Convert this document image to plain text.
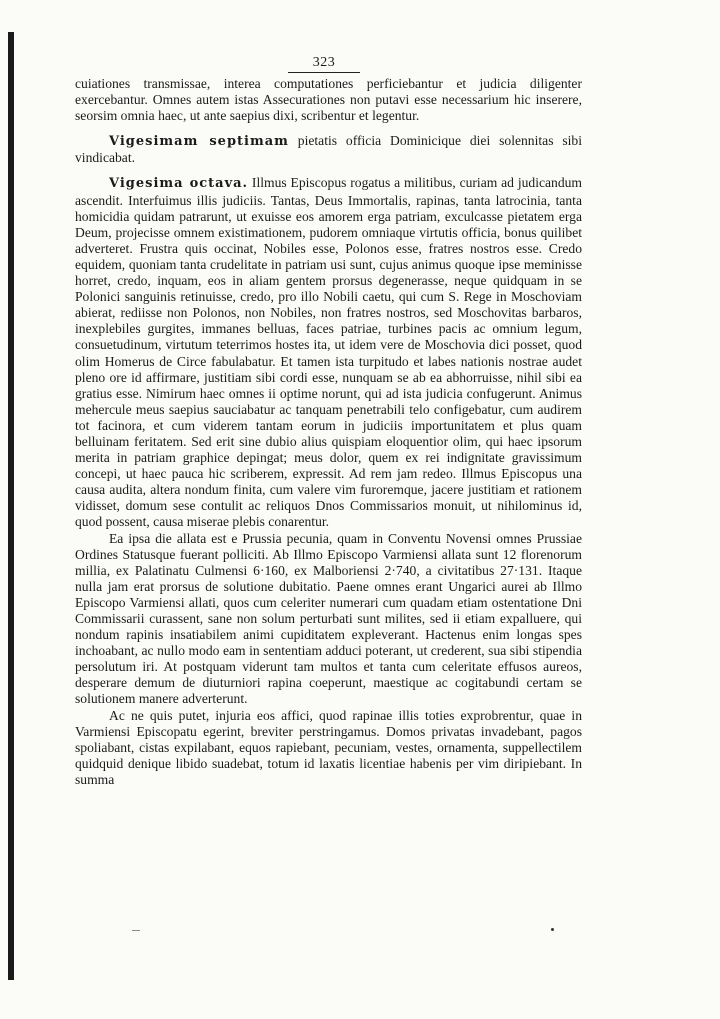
323

cuiationes transmissae, interea computationes perficiebantur et judicia diligenter exercebantur. Omnes autem istas Assecurationes non putavi esse necessarium hic inserere, seorsim omnia haec, ut ante saepius dixi, scribentur et legentur.

Vigesimam septimam pietatis officia Dominicique diei solennitas sibi vindicabat.

Vigesima octava. Illmus Episcopus rogatus a militibus, curiam ad judicandum ascendit. Interfuimus illis judiciis. Tantas, Deus Immortalis, rapinas, tanta latrocinia, tanta homicidia quidam patrarunt, ut exuisse eos amorem erga patriam, exculcasse pietatem erga Deum, projecisse omnem existimationem, pudorem omniaque virtutis officia, bonus quilibet adverteret. Frustra quis occinat, Nobiles esse, Polonos esse, fratres nostros esse. Credo equidem, quoniam tanta crudelitate in patriam usi sunt, cujus animus quoque ipse meminisse horret, credo, inquam, eos in aliam gentem prorsus degenerasse, neque quidquam in se Polonici sanguinis retinuisse, credo, pro illo Nobili caetu, qui cum S. Rege in Moschoviam abierat, rediisse non Polonos, non Nobiles, non fratres nostros, sed Moschovitas barbaros, inexplebiles gurgites, immanes belluas, faces patriae, turbines pacis ac omnium legum, consuetudinum, virtutum teterrimos hostes ita, ut idem vere de Moschovia dici posset, quod olim Homerus de Circe fabulabatur. Et tamen ista turpitudo et labes nationis nostrae audet pleno ore id affirmare, justitiam sibi cordi esse, nunquam se ab ea abhorruisse, nihil sibi ea gratius esse. Nimirum haec omnes ii optime norunt, qui ad ista judicia confugerunt. Animus mehercule meus saepius sauciabatur ac tanquam penetrabili telo configebatur, cum audirem tot facinora, et cum viderem tantam eorum in judiciis importunitatem et plus quam belluinam feritatem. Sed erit sine dubio alius quispiam eloquentior olim, qui haec ipsorum merita in patriam graphice depingat; meus dolor, quem ex rei indignitate gravissimum concepi, ut haec pauca hic scriberem, expressit. Ad rem jam redeo. Illmus Episcopus una causa audita, altera nondum finita, cum valere vim furoremque, jacere justitiam et rationem vidisset, domum sese contulit ac reliquos Dnos Commissarios monuit, ut nihilominus id, quod possent, causa miserae plebis conarentur.

Ea ipsa die allata est e Prussia pecunia, quam in Conventu Novensi omnes Prussiae Ordines Statusque fuerant polliciti. Ab Illmo Episcopo Varmiensi allata sunt 12 florenorum millia, ex Palatinatu Culmensi 6·160, ex Malboriensi 2·740, a civitatibus 27·131. Itaque nulla jam erat prorsus de solutione dubitatio. Paene omnes erant Ungarici aurei ab Illmo Episcopo Varmiensi allati, quos cum celeriter numerari cum quadam etiam ostentatione Dni Commissarii curassent, sane non solum perturbati sunt milites, sed ii etiam expalluere, qui nondum rapinis insatiabilem animi cupiditatem expleverant. Hactenus enim longas spes inchoabant, ac nullo modo eam in sententiam adduci poterant, ut crederent, sua sibi stipendia persolutum iri. At postquam viderunt tam multos et tanta cum celeritate effusos aureos, desperare demum de diuturniori rapina coeperunt, maestique ac cogitabundi certam se solutionem manere adverterunt.

Ac ne quis putet, injuria eos affici, quod rapinae illis toties exprobrentur, quae in Varmiensi Episcopatu egerint, breviter perstringamus. Domos privatas invadebant, pagos spoliabant, cistas expilabant, equos rapiebant, pecuniam, vestes, ornamenta, suppellectilem quidquid denique libido suadebat, totum id laxatis licentiae habenis per vim diripiebant. In summa
